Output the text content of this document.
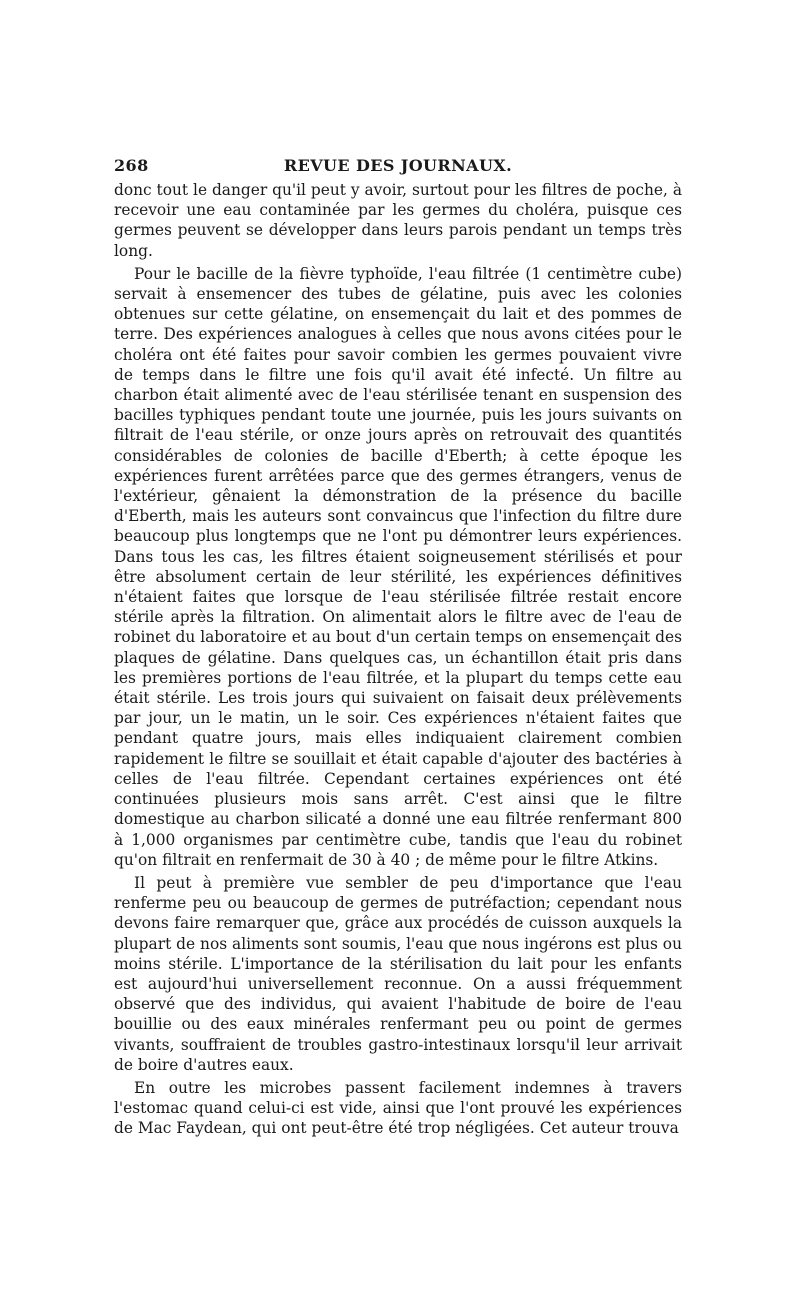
268	REVUE DES JOURNAUX.

donc tout le danger qu'il peut y avoir, surtout pour les filtres de poche, à recevoir une eau contaminée par les germes du choléra, puisque ces germes peuvent se développer dans leurs parois pendant un temps très long.

Pour le bacille de la fièvre typhoïde, l'eau filtrée (1 centimètre cube) servait à ensemencer des tubes de gélatine, puis avec les colonies obtenues sur cette gélatine, on ensemençait du lait et des pommes de terre. Des expériences analogues à celles que nous avons citées pour le choléra ont été faites pour savoir combien les germes pouvaient vivre de temps dans le filtre une fois qu'il avait été infecté. Un filtre au charbon était alimenté avec de l'eau stérilisée tenant en suspension des bacilles typhiques pendant toute une journée, puis les jours suivants on filtrait de l'eau stérile, or onze jours après on retrouvait des quantités considérables de colonies de bacille d'Eberth; à cette époque les expériences furent arrêtées parce que des germes étrangers, venus de l'extérieur, gênaient la démonstration de la présence du bacille d'Eberth, mais les auteurs sont convaincus que l'infection du filtre dure beaucoup plus longtemps que ne l'ont pu démontrer leurs expériences. Dans tous les cas, les filtres étaient soigneusement stérilisés et pour être absolument certain de leur stérilité, les expériences définitives n'étaient faites que lorsque de l'eau stérilisée filtrée restait encore stérile après la filtration. On alimentait alors le filtre avec de l'eau de robinet du laboratoire et au bout d'un certain temps on ensemençait des plaques de gélatine. Dans quelques cas, un échantillon était pris dans les premières portions de l'eau filtrée, et la plupart du temps cette eau était stérile. Les trois jours qui suivaient on faisait deux prélèvements par jour, un le matin, un le soir. Ces expériences n'étaient faites que pendant quatre jours, mais elles indiquaient clairement combien rapidement le filtre se souillait et était capable d'ajouter des bactéries à celles de l'eau filtrée. Cependant certaines expériences ont été continuées plusieurs mois sans arrêt. C'est ainsi que le filtre domestique au charbon silicaté a donné une eau filtrée renfermant 800 à 1,000 organismes par centimètre cube, tandis que l'eau du robinet qu'on filtrait en renfermait de 30 à 40 ; de même pour le filtre Atkins.

Il peut à première vue sembler de peu d'importance que l'eau renferme peu ou beaucoup de germes de putréfaction; cependant nous devons faire remarquer que, grâce aux procédés de cuisson auxquels la plupart de nos aliments sont soumis, l'eau que nous ingérons est plus ou moins stérile. L'importance de la stérilisation du lait pour les enfants est aujourd'hui universellement reconnue. On a aussi fréquemment observé que des individus, qui avaient l'habitude de boire de l'eau bouillie ou des eaux minérales renfermant peu ou point de germes vivants, souffraient de troubles gastro-intestinaux lorsqu'il leur arrivait de boire d'autres eaux.

En outre les microbes passent facilement indemnes à travers l'estomac quand celui-ci est vide, ainsi que l'ont prouvé les expériences de Mac Faydean, qui ont peut-être été trop négligées. Cet auteur trouva
